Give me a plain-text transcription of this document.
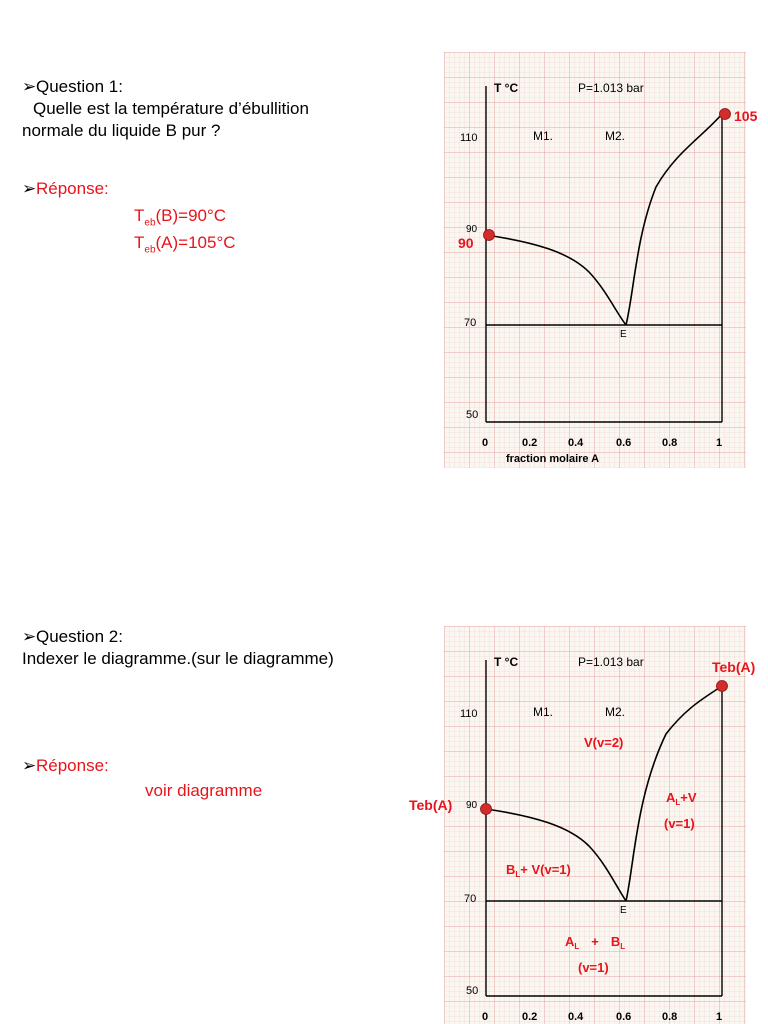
➢Question 1:
Quelle est la température d’ébullition
normale du liquide B pur ?
➢Réponse:
$T_{eb}(B)=90^\circ C$
$T_{eb}(A)=105^\circ C$
T °C	P=1.013 bar
M1.	M2.
110
90
70
50
E
0	0.2	0.4	0.6	0.8	1
fraction molaire A
90
105
➢Question 2:
Indexer le diagramme.(sur le diagramme)
➢Réponse:
voir diagramme
T °C	P=1.013 bar
M1.	M2.
110
90
70
50
E
0	0.2	0.4	0.6	0.8	1
V(v=2)
$A_L+V$
(v=1)
$B_L+ V(v=1)$
$A_L + B_L$
(v=1)
Teb(A)
Teb(A)
